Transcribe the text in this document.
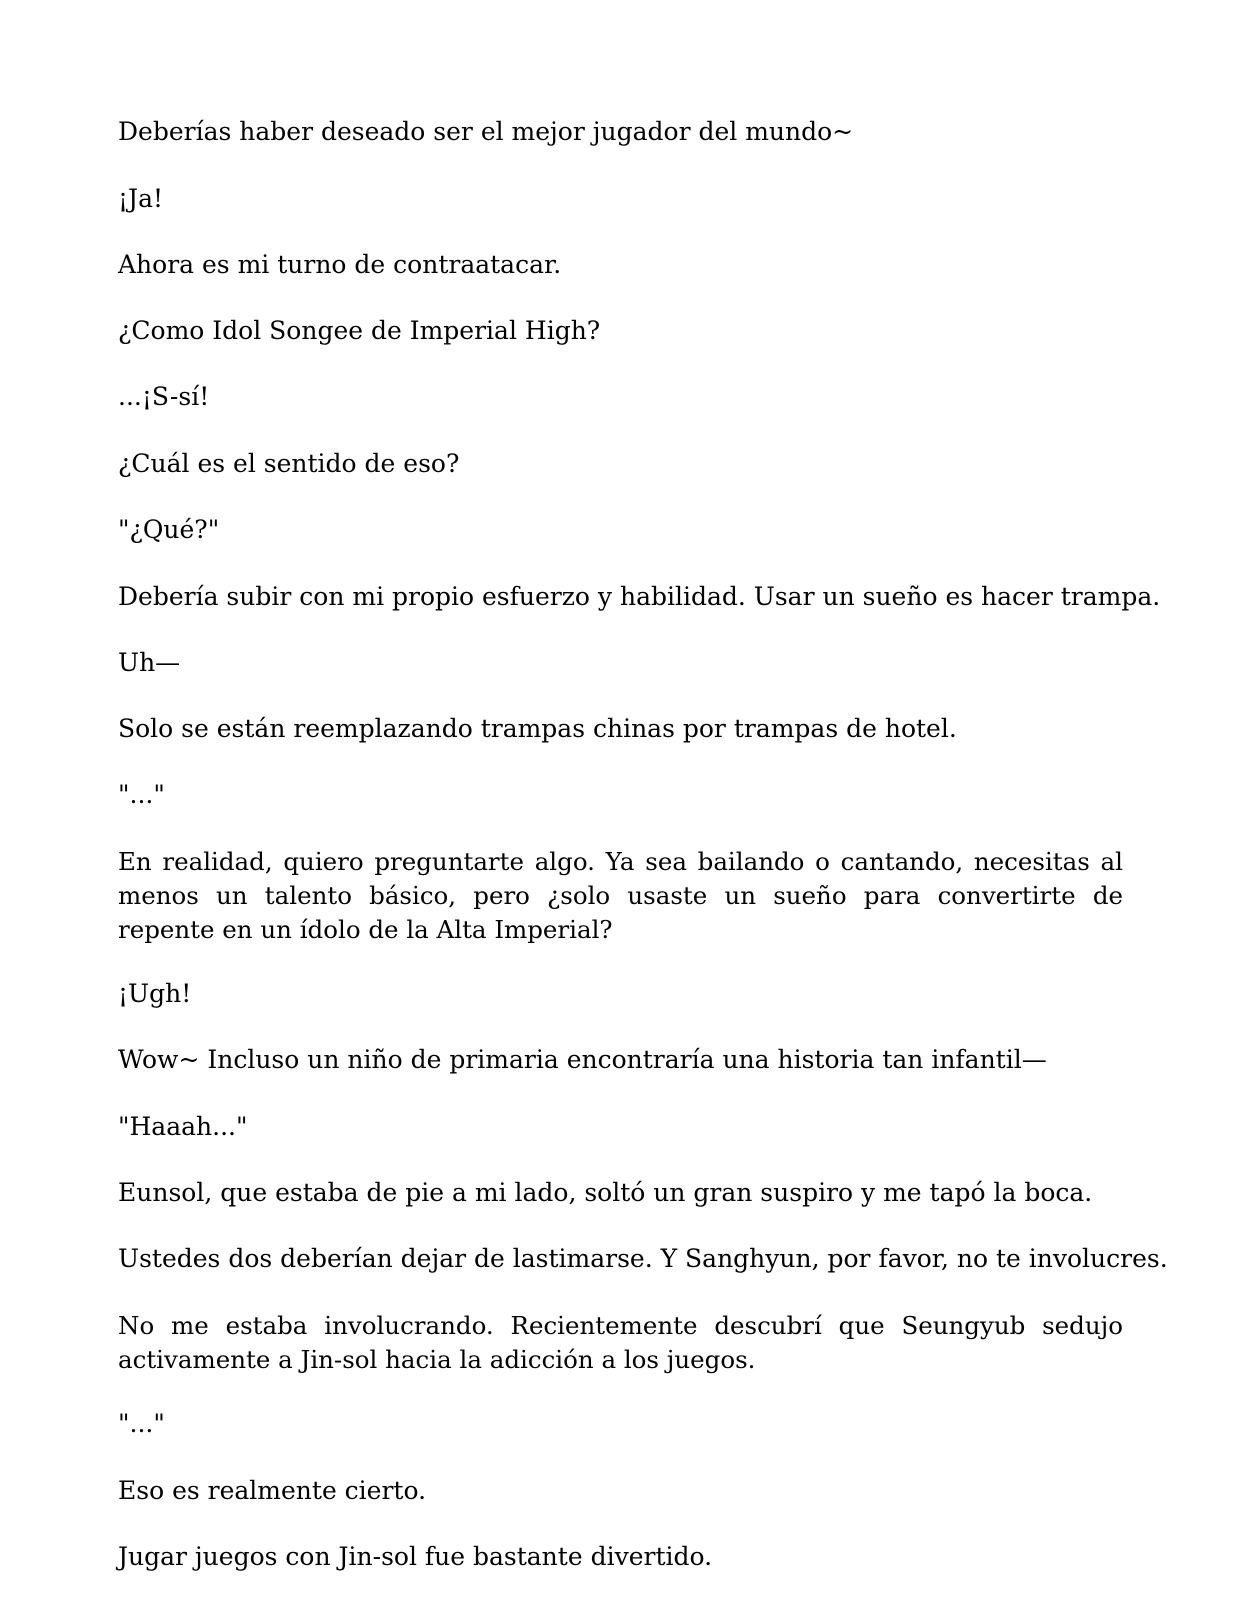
Deberías haber deseado ser el mejor jugador del mundo~

¡Ja!

Ahora es mi turno de contraatacar.

¿Como Idol Songee de Imperial High?

...¡S-sí!

¿Cuál es el sentido de eso?

"¿Qué?"

Debería subir con mi propio esfuerzo y habilidad. Usar un sueño es hacer trampa.

Uh—

Solo se están reemplazando trampas chinas por trampas de hotel.

"..."

En realidad, quiero preguntarte algo. Ya sea bailando o cantando, necesitas al menos un talento básico, pero ¿solo usaste un sueño para convertirte de repente en un ídolo de la Alta Imperial?

¡Ugh!

Wow~ Incluso un niño de primaria encontraría una historia tan infantil—

"Haaah..."

Eunsol, que estaba de pie a mi lado, soltó un gran suspiro y me tapó la boca.

Ustedes dos deberían dejar de lastimarse. Y Sanghyun, por favor, no te involucres.

No me estaba involucrando. Recientemente descubrí que Seungyub sedujo activamente a Jin-sol hacia la adicción a los juegos.

"..."

Eso es realmente cierto.

Jugar juegos con Jin-sol fue bastante divertido.
